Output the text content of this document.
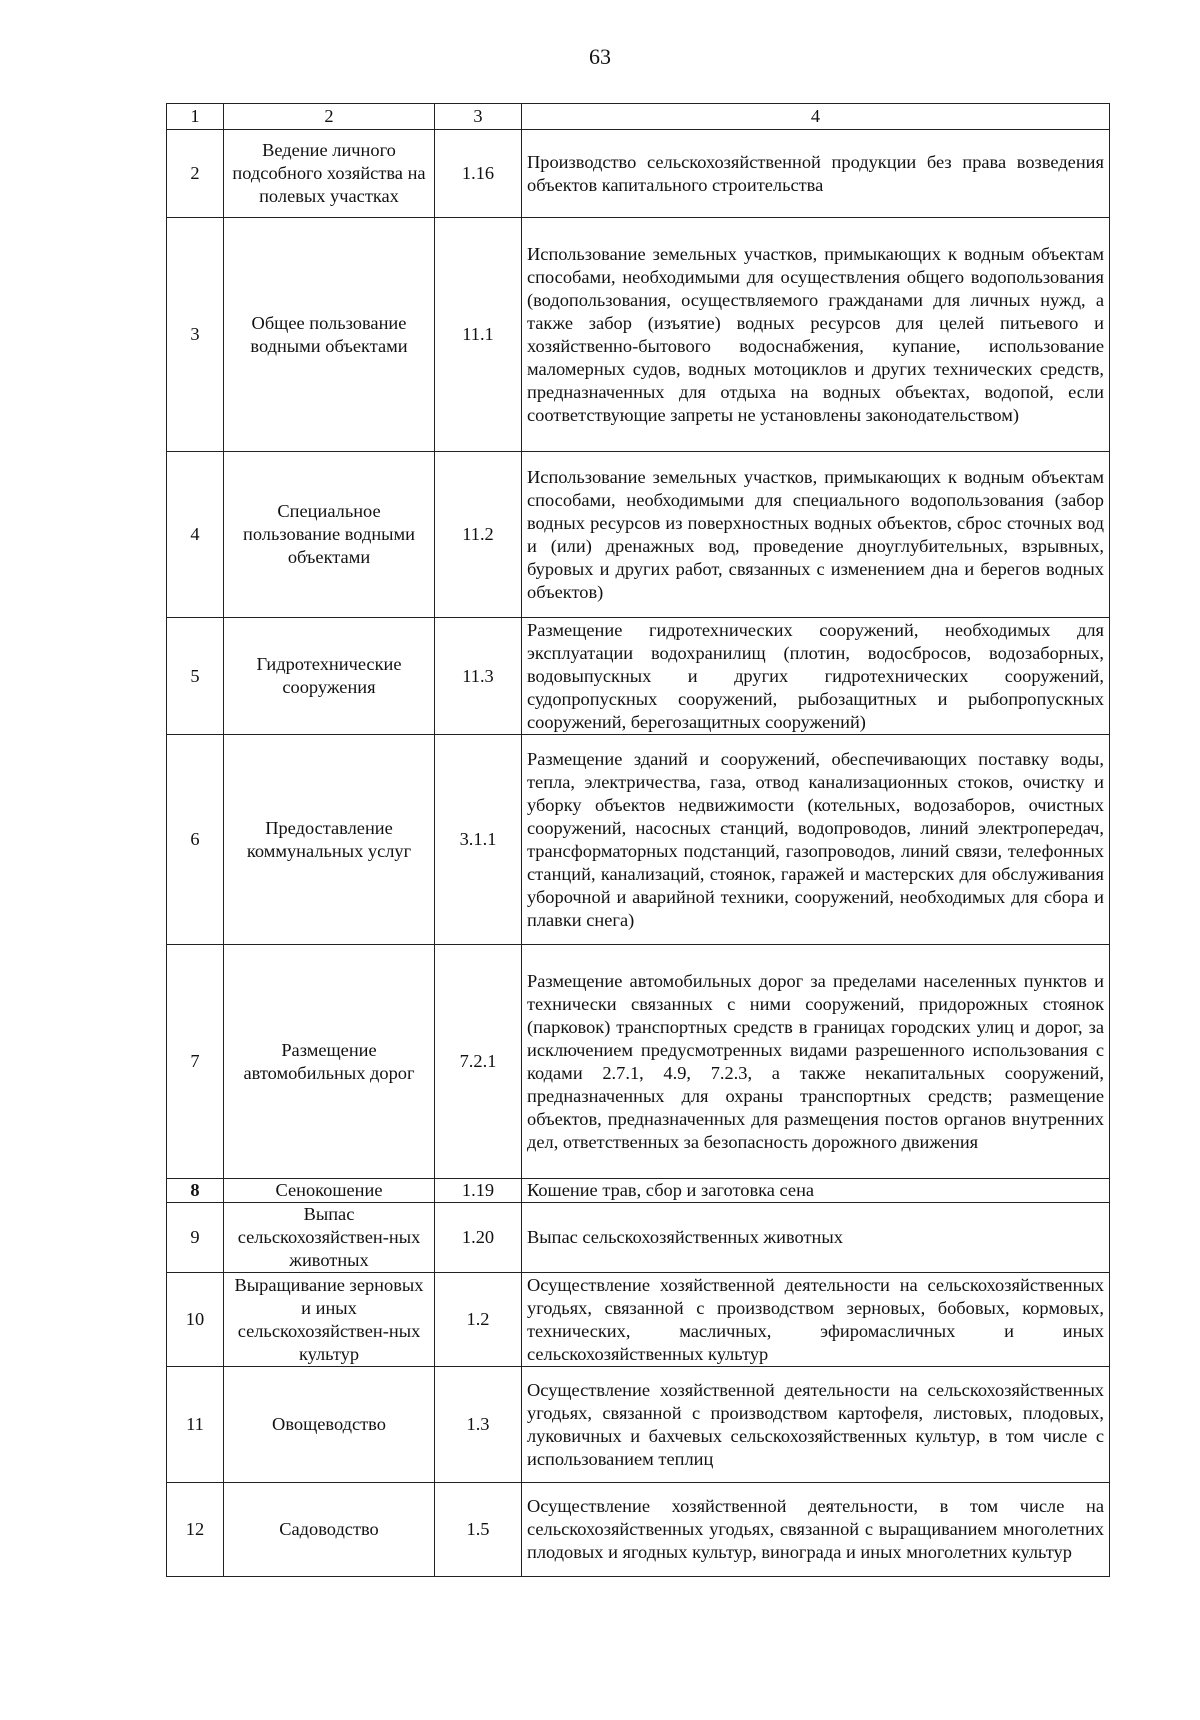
63
1	2	3	4
2	Ведение личного подсобного хозяйства на полевых участках	1.16	Производство сельскохозяйственной продукции без права возведения объектов капитального строительства
3	Общее пользование водными объектами	11.1	Использование земельных участков, примыкающих к водным объектам способами, необходимыми для осуществления общего водопользования (водопользования, осуществляемого гражданами для личных нужд, а также забор (изъятие) водных ресурсов для целей питьевого и хозяйственно-бытового водоснабжения, купание, использование маломерных судов, водных мотоциклов и других технических средств, предназначенных для отдыха на водных объектах, водопой, если соответствующие запреты не установлены законодательством)
4	Специальное пользование водными объектами	11.2	Использование земельных участков, примыкающих к водным объектам способами, необходимыми для специального водопользования (забор водных ресурсов из поверхностных водных объектов, сброс сточных вод и (или) дренажных вод, проведение дноуглубительных, взрывных, буровых и других работ, связанных с изменением дна и берегов водных объектов)
5	Гидротехнические сооружения	11.3	Размещение гидротехнических сооружений, необходимых для эксплуатации водохранилищ (плотин, водосбросов, водозаборных, водовыпускных и других гидротехнических сооружений, судопропускных сооружений, рыбозащитных и рыбопропускных сооружений, берегозащитных сооружений)
6	Предоставление коммунальных услуг	3.1.1	Размещение зданий и сооружений, обеспечивающих поставку воды, тепла, электричества, газа, отвод канализационных стоков, очистку и уборку объектов недвижимости (котельных, водозаборов, очистных сооружений, насосных станций, водопроводов, линий электропередач, трансформаторных подстанций, газопроводов, линий связи, телефонных станций, канализаций, стоянок, гаражей и мастерских для обслуживания уборочной и аварийной техники, сооружений, необходимых для сбора и плавки снега)
7	Размещение автомобильных дорог	7.2.1	Размещение автомобильных дорог за пределами населенных пунктов и технически связанных с ними сооружений, придорожных стоянок (парковок) транспортных средств в границах городских улиц и дорог, за исключением предусмотренных видами разрешенного использования с кодами 2.7.1, 4.9, 7.2.3, а также некапитальных сооружений, предназначенных для охраны транспортных средств; размещение объектов, предназначенных для размещения постов органов внутренних дел, ответственных за безопасность дорожного движения
8	Сенокошение	1.19	Кошение трав, сбор и заготовка сена
9	Выпас сельскохозяйствен-ных животных	1.20	Выпас сельскохозяйственных животных
10	Выращивание зерновых и иных сельскохозяйствен-ных культур	1.2	Осуществление хозяйственной деятельности на сельскохозяйственных угодьях, связанной с производством зерновых, бобовых, кормовых, технических, масличных, эфиромасличных и иных сельскохозяйственных культур
11	Овощеводство	1.3	Осуществление хозяйственной деятельности на сельскохозяйственных угодьях, связанной с производством картофеля, листовых, плодовых, луковичных и бахчевых сельскохозяйственных культур, в том числе с использованием теплиц
12	Садоводство	1.5	Осуществление хозяйственной деятельности, в том числе на сельскохозяйственных угодьях, связанной с выращиванием многолетних плодовых и ягодных культур, винограда и иных многолетних культур
